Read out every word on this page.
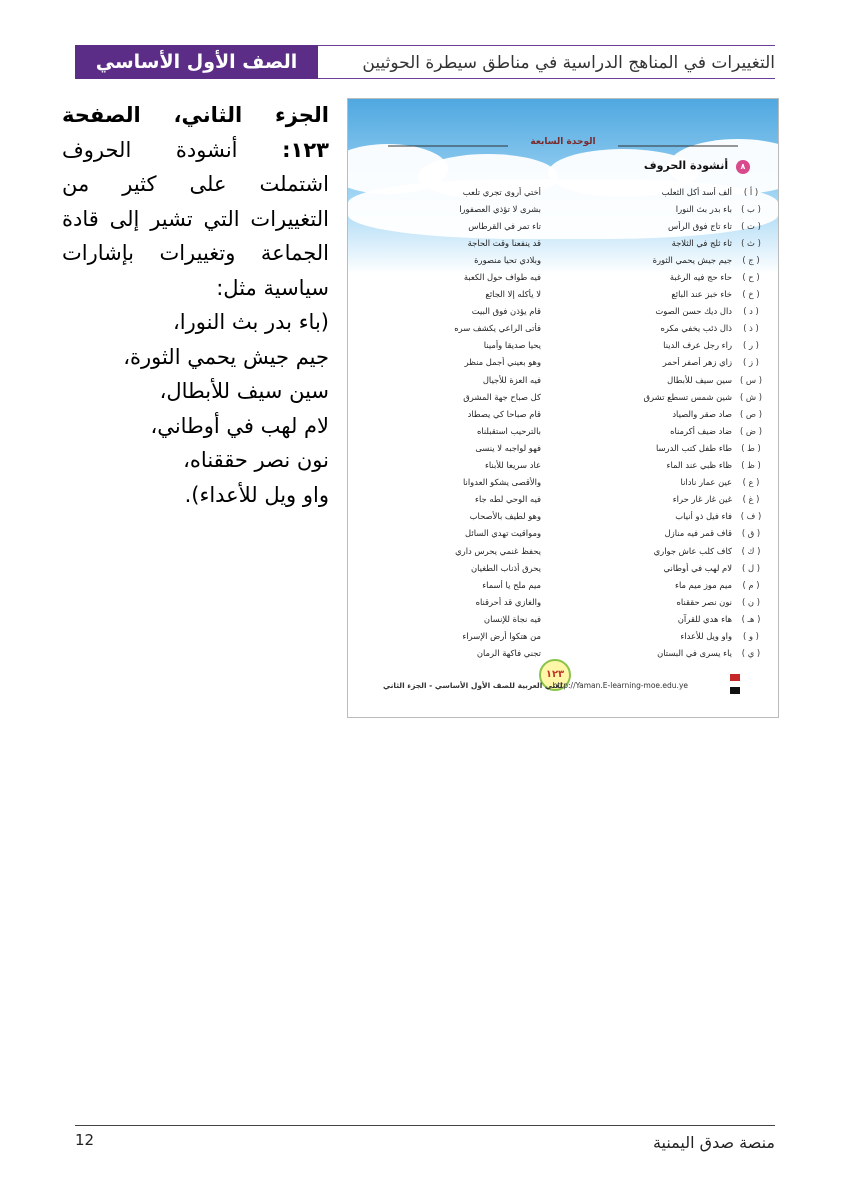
الصف الأول الأساسي	التغييرات في المناهج الدراسية في مناطق سيطرة الحوثيين
الجزء الثاني، الصفحة ١٢٣: أنشودة الحروف اشتملت على كثير من التغييرات التي تشير إلى قادة الجماعة وتغييرات بإشارات سياسية مثل:
(باء بدر بث النورا،
جيم جيش يحمي الثورة،
سين سيف للأبطال،
لام لهب في أوطاني،
نون نصر حققناه،
واو ويل للأعداء).
الوحدة السابعة
٨ أنشودة الحروف
( أ )
ألف أسد أكل الثعلب
أختي أروى تجري تلعب
( ب )
باء بدر بث النورا
بشرى لا تؤذي العصفورا
( ت )
تاء تاج فوق الرأس
تاء تمر في القرطاس
( ث )
ثاء ثلج في الثلاجة
قد ينفعنا وقت الحاجة
( ج )
جيم جيش يحمي الثورة
وبلادي تحيا منصورة
( ح )
حاء حج فيه الرغبة
فيه طواف حول الكعبة
( خ )
خاء خبز عند البائع
لا يأكله إلا الجائع
( د )
دال ديك حسن الصوت
قام يؤذن فوق البيت
( ذ )
ذال ذئب يخفي مكره
فأتى الراعي يكشف سره
( ر )
راء رجل عرف الدينا
يحيا صديقا وأمينا
( ز )
زاي زهر أصفر أحمر
وهو بعيني أجمل منظر
( س )
سين سيف للأبطال
فيه العزة للأجيال
( ش )
شين شمس تسطع تشرق
كل صباح جهة المشرق
( ص )
صاد صقر والصياد
قام صباحا كي يصطاد
( ض )
ضاد ضيف أكرمناه
بالترحيب استقبلناه
( ط )
طاء طفل كتب الدرسا
فهو لواجبه لا ينسى
( ظ )
ظاء ظبي عند الماء
عاد سريعا للأبناء
( ع )
عين عمار نادانا
والأقصى يشكو العدوانا
( غ )
غين غار غار حراء
فيه الوحي لطه جاء
( ف )
فاء فيل ذو أنياب
وهو لطيف بالأصحاب
( ق )
قاف قمر فيه منازل
ومواقيت تهدي السائل
( ك )
كاف كلب عاش جواري
يحفظ غنمي يحرس داري
( ل )
لام لهب في أوطاني
يحرق أذناب الطغيان
( م )
ميم موز ميم ماء
ميم ملح يا أسماء
( ن )
نون نصر حققناه
والغازي قد أحرقناه
( هـ )
هاء هدي للقرآن
فيه نجاة للإنسان
( و )
واو ويل للأعداء
من هتكوا أرض الإسراء
( ي )
ياء يسرى في البستان
تجني فاكهة الرمان
١٢٣
لغتي العربية للصف الأول الأساسي - الجزء الثاني
http://Yaman.E-learning-moe.edu.ye
12	منصة صدق اليمنية
